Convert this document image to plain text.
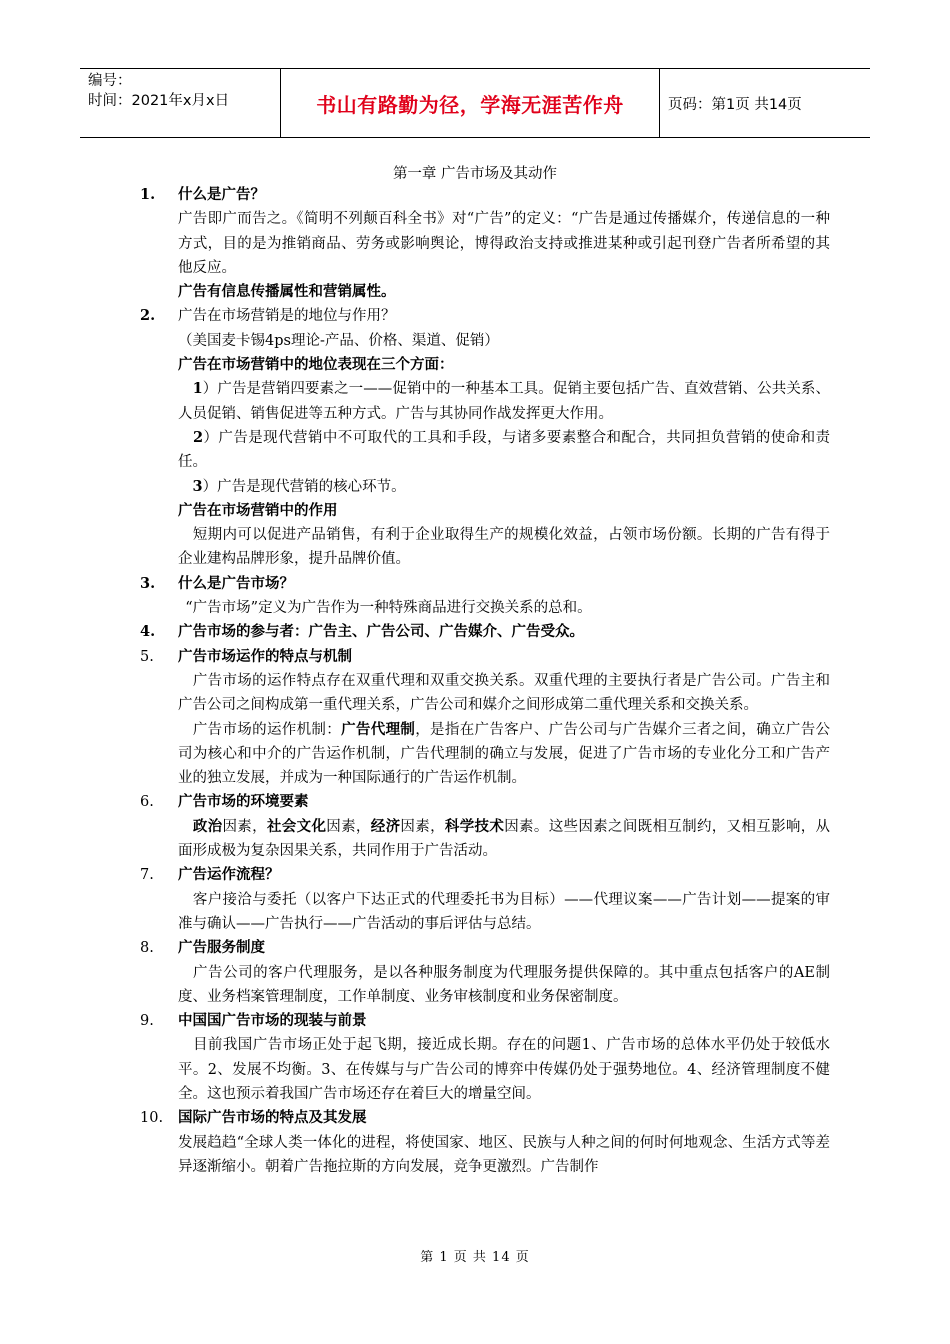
编号：
时间：2021年x月x日	书山有路勤为径，学海无涯苦作舟	页码：第1页 共14页
第一章 广告市场及其动作
1.	什么是广告？
广告即广而告之。《简明不列颠百科全书》对“广告”的定义：“广告是通过传播媒介，传递信息的一种方式，目的是为推销商品、劳务或影响舆论，博得政治支持或推进某种或引起刊登广告者所希望的其他反应。
广告有信息传播属性和营销属性。
2.	广告在市场营销是的地位与作用？
（美国麦卡锡4ps理论-产品、价格、渠道、促销）
广告在市场营销中的地位表现在三个方面：
　1）广告是营销四要素之一——促销中的一种基本工具。促销主要包括广告、直效营销、公共关系、人员促销、销售促进等五种方式。广告与其协同作战发挥更大作用。
　2）广告是现代营销中不可取代的工具和手段，与诸多要素整合和配合，共同担负营销的使命和责任。
　3）广告是现代营销的核心环节。
广告在市场营销中的作用
　短期内可以促进产品销售，有利于企业取得生产的规模化效益，占领市场份额。长期的广告有得于企业建构品牌形象，提升品牌价值。
3.	什么是广告市场？
 “广告市场”定义为广告作为一种特殊商品进行交换关系的总和。
4.	广告市场的参与者：广告主、广告公司、广告媒介、广告受众。
5.	广告市场运作的特点与机制
　广告市场的运作特点存在双重代理和双重交换关系。双重代理的主要执行者是广告公司。广告主和广告公司之间构成第一重代理关系，广告公司和媒介之间形成第二重代理关系和交换关系。
  广告市场的运作机制：广告代理制，是指在广告客户、广告公司与广告媒介三者之间，确立广告公司为核心和中介的广告运作机制，广告代理制的确立与发展，促进了广告市场的专业化分工和广告产业的独立发展，并成为一种国际通行的广告运作机制。
6.	广告市场的环境要素
　政治因素，社会文化因素，经济因素，科学技术因素。这些因素之间既相互制约，又相互影响，从面形成极为复杂因果关系，共同作用于广告活动。
7.	广告运作流程？
　客户接洽与委托（以客户下达正式的代理委托书为目标）——代理议案——广告计划——提案的审准与确认——广告执行——广告活动的事后评估与总结。
8.	广告服务制度
　广告公司的客户代理服务，是以各种服务制度为代理服务提供保障的。其中重点包括客户的AE制度、业务档案管理制度，工作单制度、业务审核制度和业务保密制度。
9.	中国国广告市场的现装与前景
　目前我国广告市场正处于起飞期，接近成长期。存在的问题1、广告市场的总体水平仍处于较低水平。2、发展不均衡。3、在传媒与与广告公司的博弈中传媒仍处于强势地位。4、经济管理制度不健全。这也预示着我国广告市场还存在着巨大的增量空间。
10.	国际广告市场的特点及其发展
发展趋趋“全球人类一体化的进程，将使国家、地区、民族与人种之间的何时何地观念、生活方式等差异逐渐缩小。朝着广告拖拉斯的方向发展，竞争更激烈。广告制作
第 1 页 共 14 页
